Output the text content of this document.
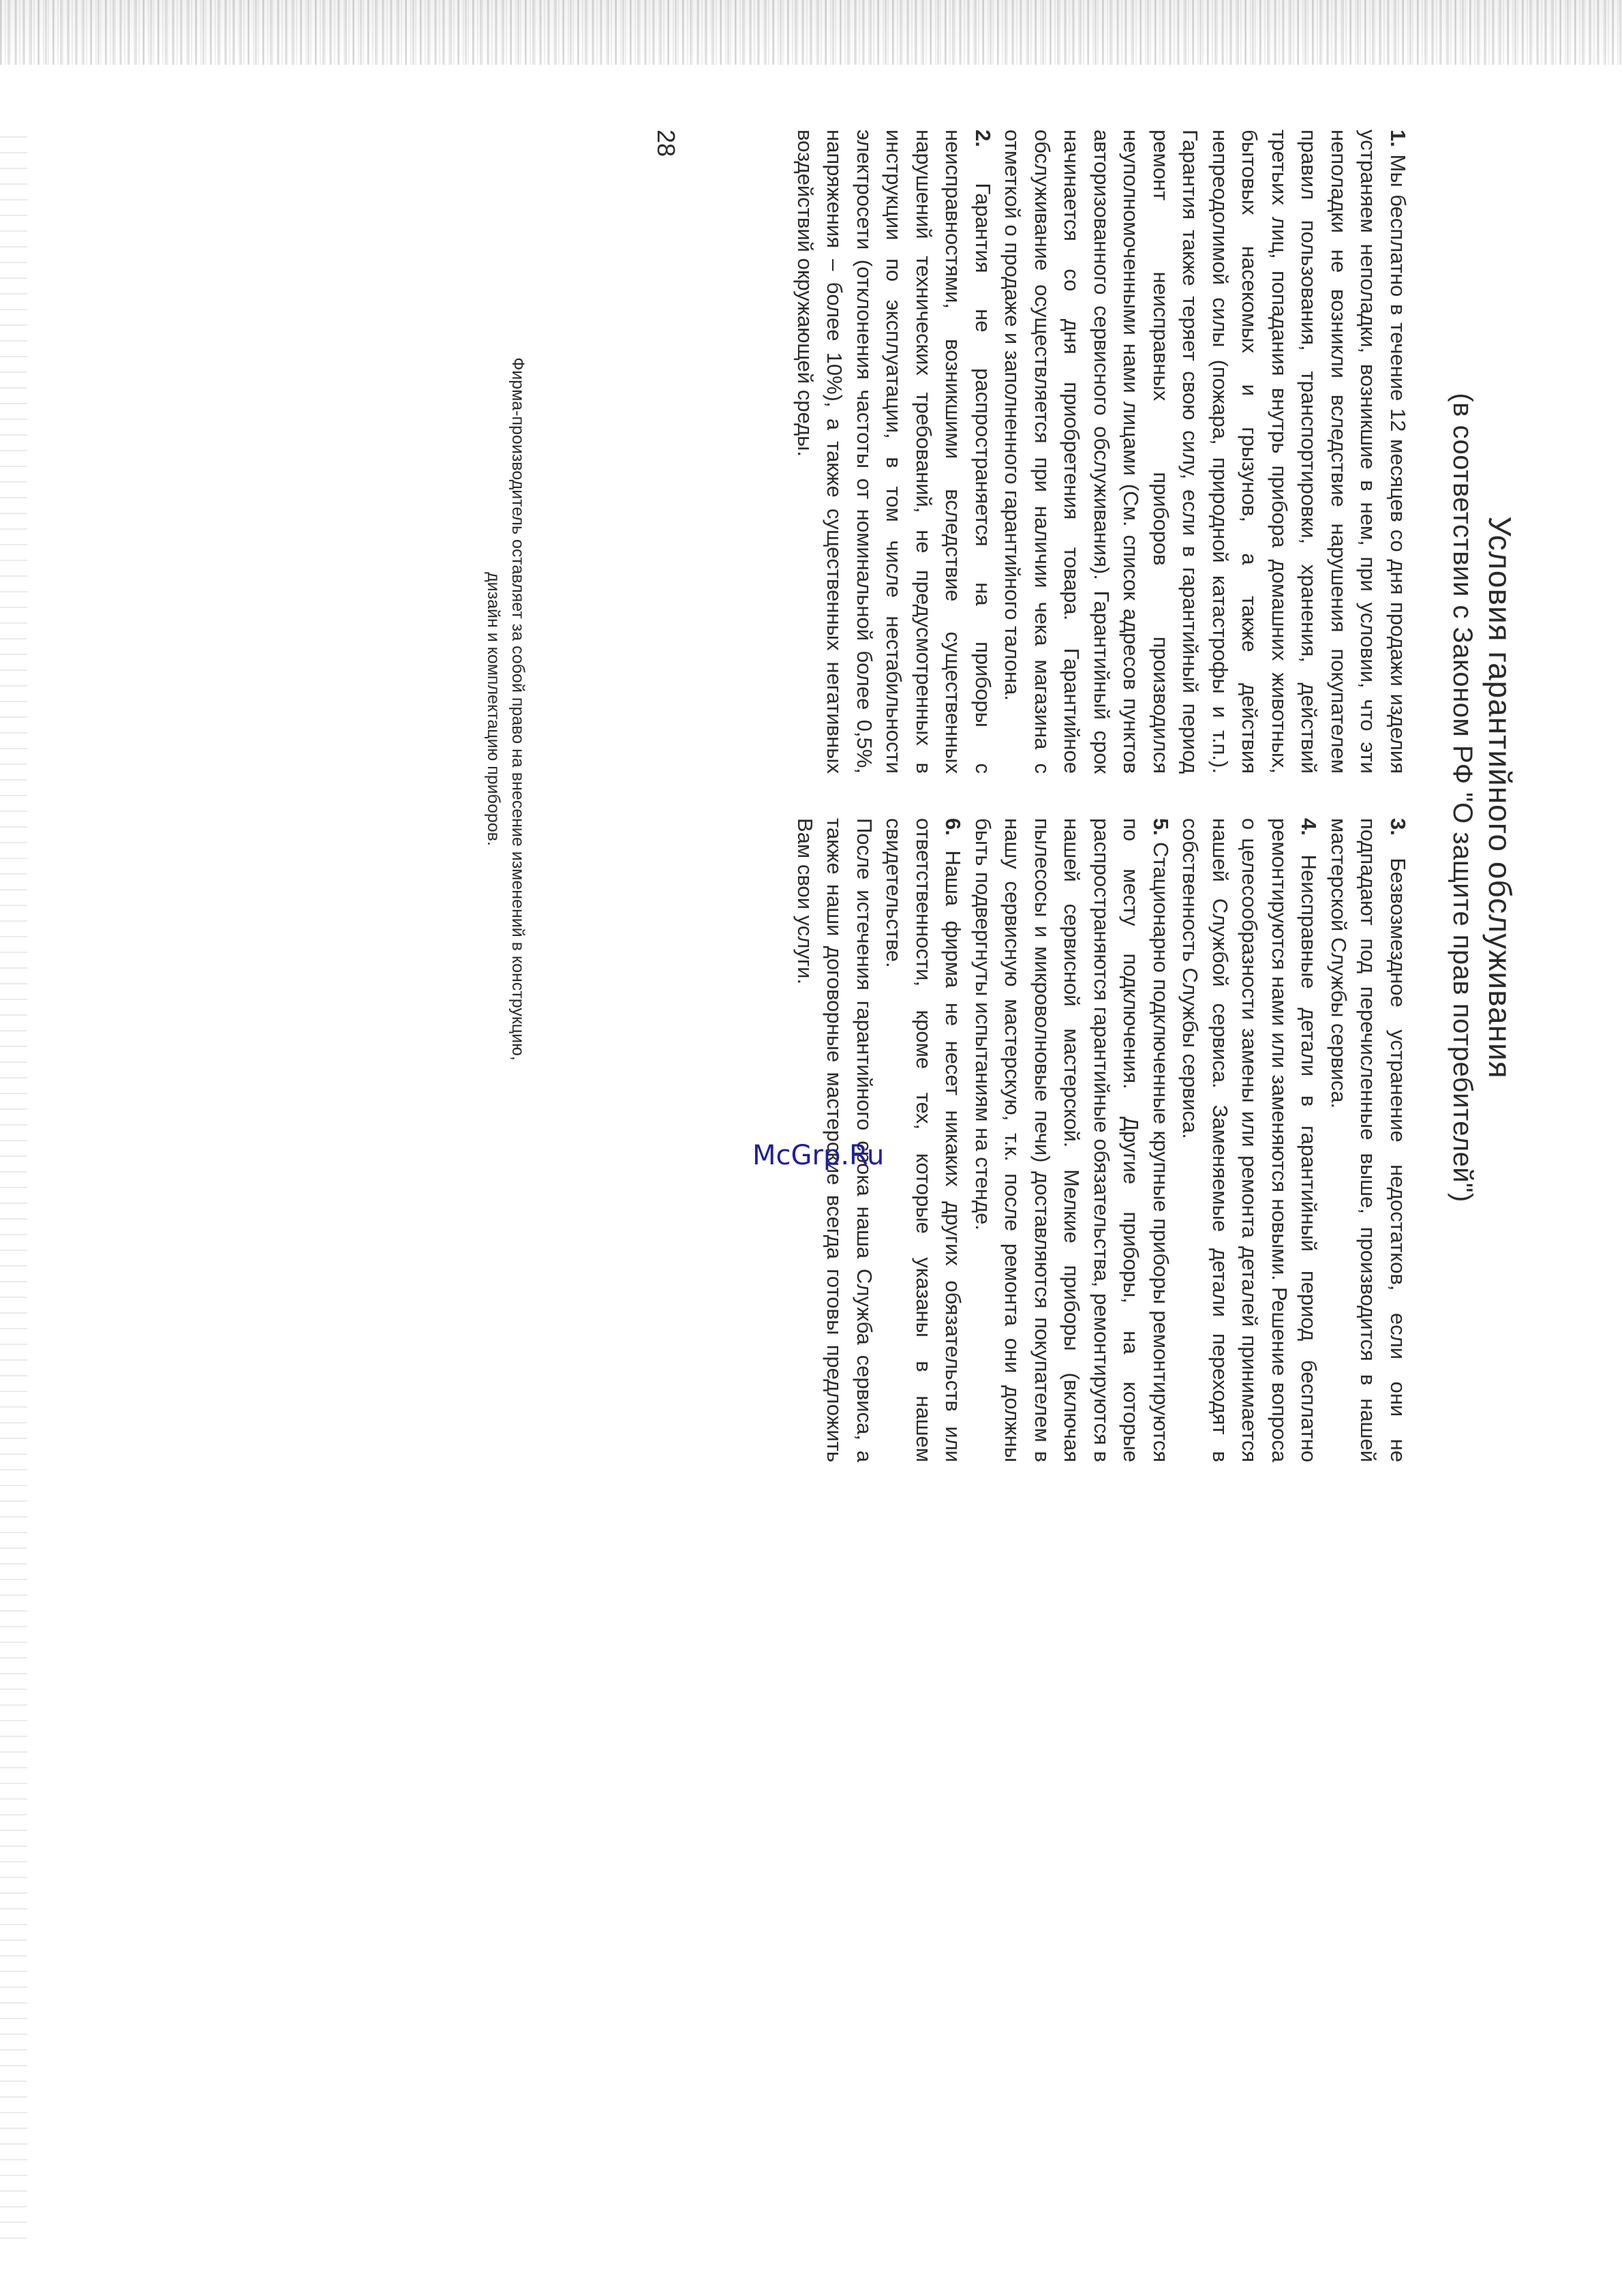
Условия гарантийного обслуживания
(в соответствии с Законом РФ "О защите прав потребителей")

1. Мы бесплатно в течение 12 месяцев со дня продажи изделия устраняем неполадки, возникшие в нем, при условии, что эти неполадки не возникли вследствие нарушения покупателем правил пользования, транспортировки, хранения, действий третьих лиц, попадания внутрь прибора домашних животных, бытовых насекомых и грызунов, а также действия непреодолимой силы (пожара, природной катастрофы и т.п.). Гарантия также теряет свою силу, если в гарантийный период ремонт неисправных приборов производился неуполномоченными нами лицами (См. список адресов пунктов авторизованного сервисного обслуживания). Гарантийный срок начинается со дня приобретения товара. Гарантийное обслуживание осуществляется при наличии чека магазина с отметкой о продаже и заполненного гарантийного талона.

2. Гарантия не распространяется на приборы с неисправностями, возникшими вследствие существенных нарушений технических требований, не предусмотренных в инструкции по эксплуатации, в том числе нестабильности электросети (отклонения частоты от номинальной более 0,5%, напряжения – более 10%), а также существенных негативных воздействий окружающей среды.

3. Безвозмездное устранение недостатков, если они не подпадают под перечисленные выше, производится в нашей мастерской Службы сервиса.

4. Неисправные детали в гарантийный период бесплатно ремонтируются нами или заменяются новыми. Решение вопроса о целесообразности замены или ремонта деталей принимается нашей Службой сервиса. Заменяемые детали переходят в собственность Службы сервиса.

5. Стационарно подключенные крупные приборы ремонтируются по месту подключения. Другие приборы, на которые распространяются гарантийные обязательства, ремонтируются в нашей сервисной мастерской. Мелкие приборы (включая пылесосы и микроволновые печи) доставляются покупателем в нашу сервисную мастерскую, т.к. после ремонта они должны быть подвергнуты испытаниям на стенде.

6. Наша фирма не несет никаких других обязательств или ответственности, кроме тех, которые указаны в нашем свидетельстве.

После истечения гарантийного срока наша Служба сервиса, а также наши договорные мастерские всегда готовы предложить Вам свои услуги.

28
Фирма-производитель оставляет за собой право на внесение изменений в конструкцию,
дизайн и комплектацию приборов.
McGrp.Ru
